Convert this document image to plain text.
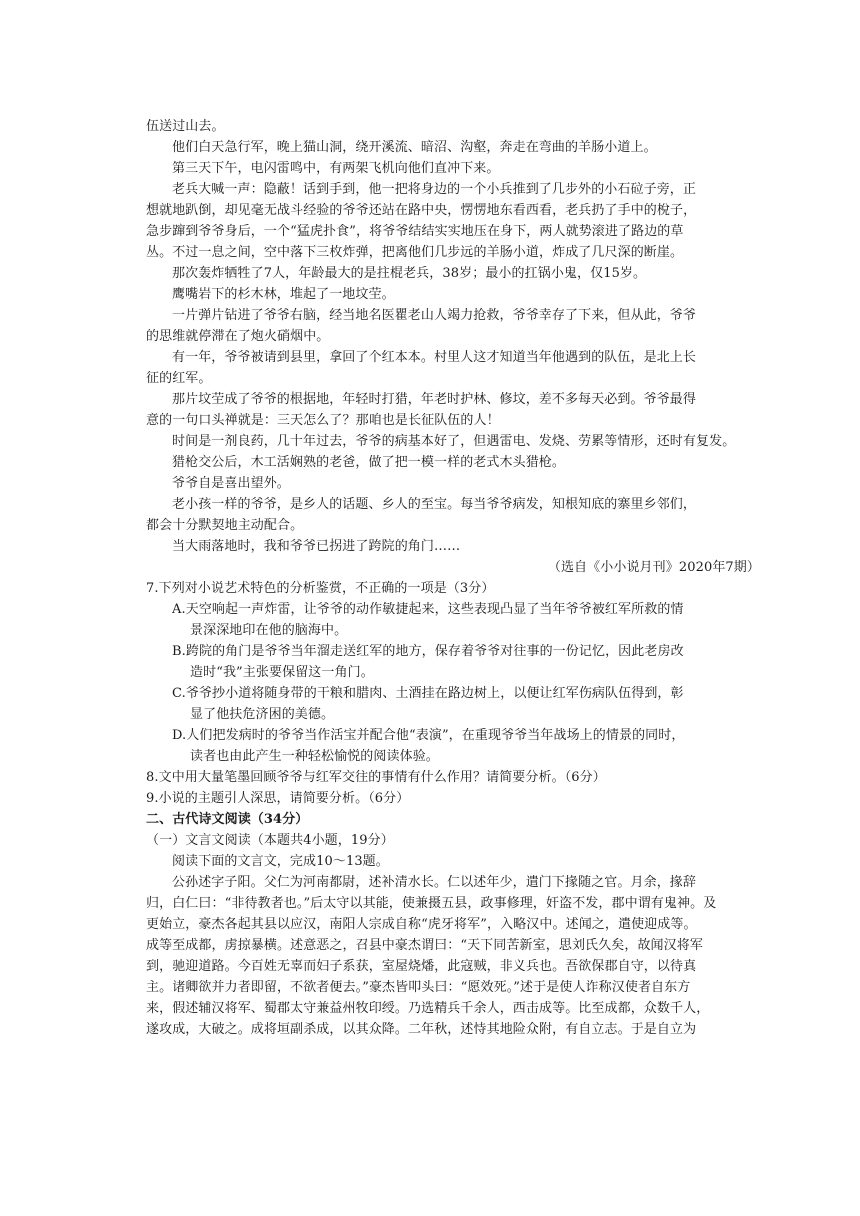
伍送过山去。
他们白天急行军，晚上猫山洞，绕开溪流、暗沼、沟壑，奔走在弯曲的羊肠小道上。
第三天下午，电闪雷鸣中，有两架飞机向他们直冲下来。
老兵大喊一声：隐蔽！话到手到，他一把将身边的一个小兵推到了几步外的小石砬子旁，正
想就地趴倒，却见毫无战斗经验的爷爷还站在路中央，愣愣地东看西看，老兵扔了手中的梲子，
急步蹿到爷爷身后，一个“猛虎扑食”，将爷爷结结实实地压在身下，两人就势滚进了路边的草
丛。不过一息之间，空中落下三枚炸弹，把离他们几步远的羊肠小道，炸成了几尺深的断崖。
那次轰炸牺牲了7人，年龄最大的是拄棍老兵，38岁；最小的扛锅小鬼，仅15岁。
鹰嘴岩下的杉木林，堆起了一地坟茔。
一片弹片钻进了爷爷右脑，经当地名医瞿老山人竭力抢救，爷爷幸存了下来，但从此，爷爷
的思维就停滞在了炮火硝烟中。
有一年，爷爷被请到县里，拿回了个红本本。村里人这才知道当年他遇到的队伍，是北上长
征的红军。
那片坟茔成了爷爷的根据地，年轻时打猎，年老时护林、修坟，差不多每天必到。爷爷最得
意的一句口头禅就是：三天怎么了？那咱也是长征队伍的人！
时间是一剂良药，几十年过去，爷爷的病基本好了，但遇雷电、发烧、劳累等情形，还时有复发。
猎枪交公后，木工活娴熟的老爸，做了把一模一样的老式木头猎枪。
爷爷自是喜出望外。
老小孩一样的爷爷，是乡人的话题、乡人的至宝。每当爷爷病发，知根知底的寨里乡邻们，
都会十分默契地主动配合。
当大雨落地时，我和爷爷已拐进了跨院的角门……
（选自《小小说月刊》2020年7期）
7.下列对小说艺术特色的分析鉴赏，不正确的一项是（3分）
A.天空响起一声炸雷，让爷爷的动作敏捷起来，这些表现凸显了当年爷爷被红军所救的情
景深深地印在他的脑海中。
B.跨院的角门是爷爷当年溜走送红军的地方，保存着爷爷对往事的一份记忆，因此老房改
造时“我”主张要保留这一角门。
C.爷爷抄小道将随身带的干粮和腊肉、土酒挂在路边树上，以便让红军伤病队伍得到，彰
显了他扶危济困的美德。
D.人们把发病时的爷爷当作活宝并配合他“表演”，在重现爷爷当年战场上的情景的同时，
读者也由此产生一种轻松愉悦的阅读体验。
8.文中用大量笔墨回顾爷爷与红军交往的事情有什么作用？请简要分析。（6分）
9.小说的主题引人深思，请简要分析。（6分）
二、古代诗文阅读（34分）
（一）文言文阅读（本题共4小题，19分）
阅读下面的文言文，完成10～13题。
公孙述字子阳。父仁为河南都尉，述补清水长。仁以述年少，遣门下掾随之官。月余，掾辞
归，白仁曰：“非待教者也。”后太守以其能，使兼摄五县，政事修理，奸盗不发，郡中谓有鬼神。及
更始立，豪杰各起其县以应汉，南阳人宗成自称“虎牙将军”，入略汉中。述闻之，遣使迎成等。
成等至成都，虏掠暴横。述意恶之，召县中豪杰谓曰：“天下同苦新室，思刘氏久矣，故闻汉将军
到，驰迎道路。今百姓无辜而妇子系获，室屋烧燔，此寇贼，非义兵也。吾欲保郡自守，以待真
主。诸卿欲并力者即留，不欲者便去。”豪杰皆叩头曰：“愿效死。”述于是使人诈称汉使者自东方
来，假述辅汉将军、蜀郡太守兼益州牧印绶。乃选精兵千余人，西击成等。比至成都，众数千人，
遂攻成，大破之。成将垣副杀成，以其众降。二年秋，述恃其地险众附，有自立志。于是自立为
